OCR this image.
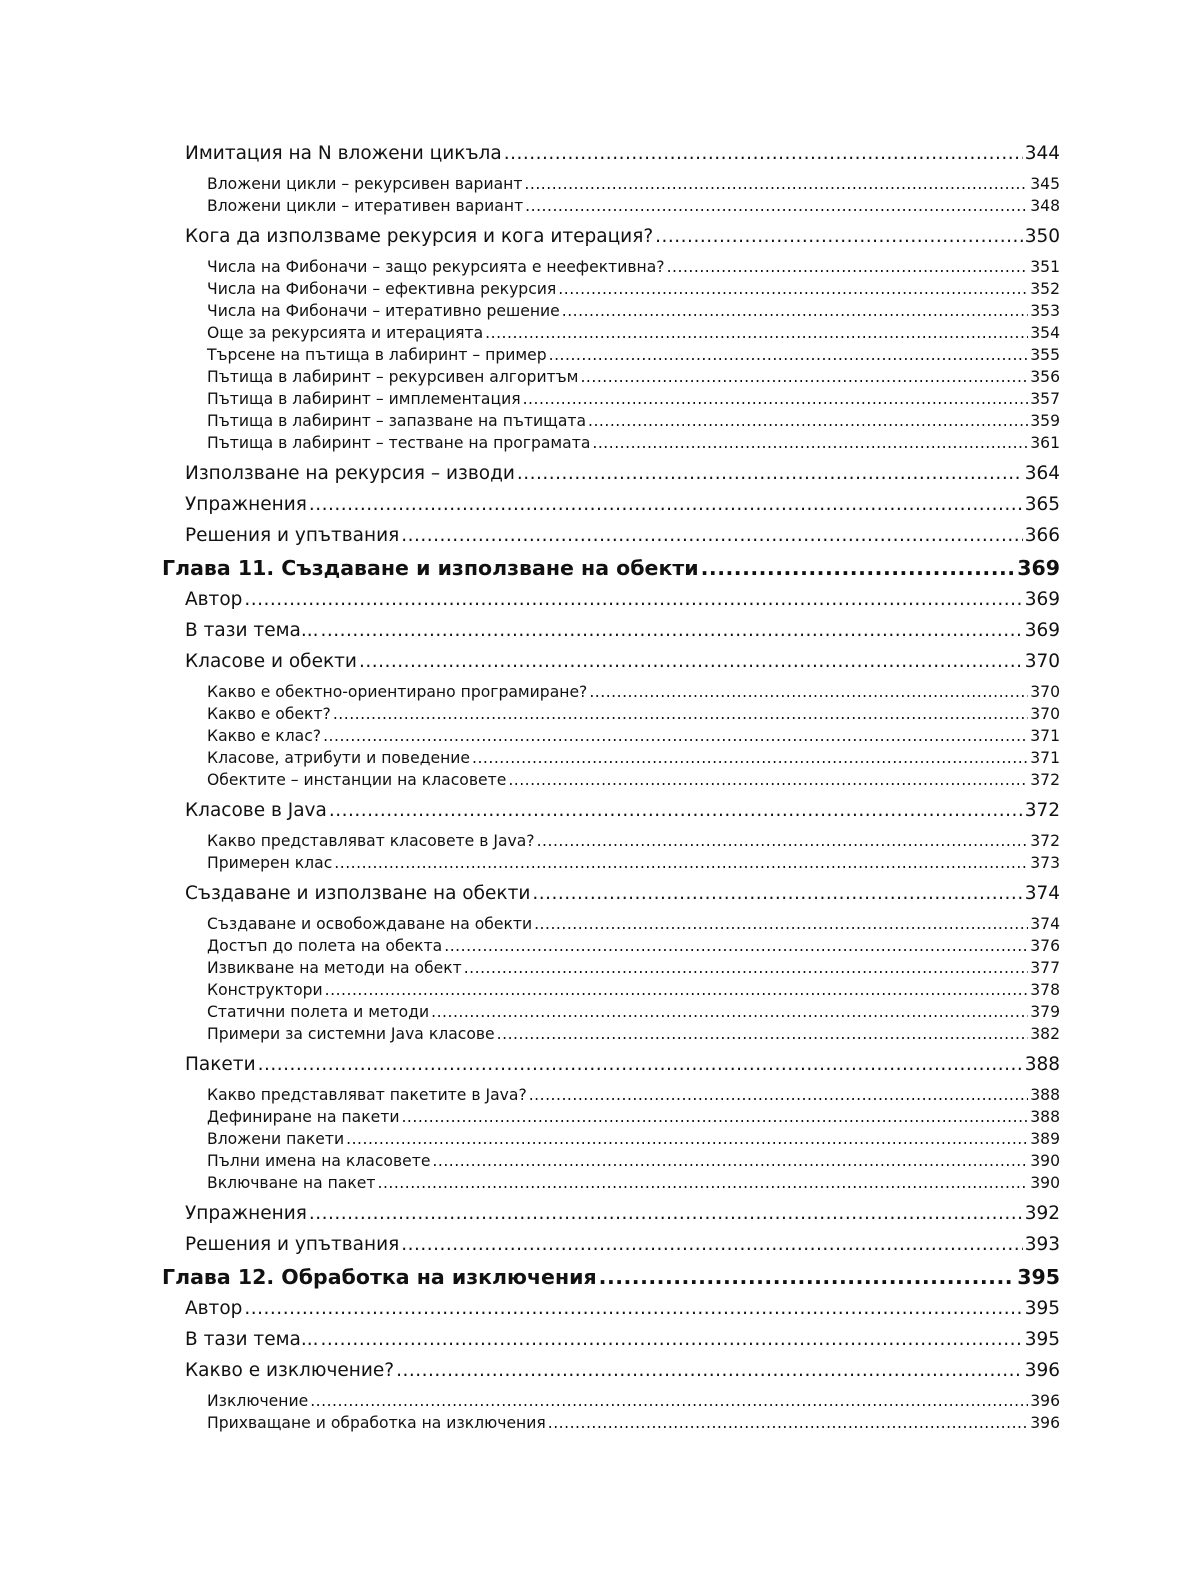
Имитация на N вложени цикъла .....	344
Вложени цикли – рекурсивен вариант .....	345
Вложени цикли – итеративен вариант .....	348
Кога да използваме рекурсия и кога итерация? .....	350
Числа на Фибоначи – защо рекурсията е неефективна? .....	351
Числа на Фибоначи – ефективна рекурсия .....	352
Числа на Фибоначи – итеративно решение .....	353
Още за рекурсията и итерацията .....	354
Търсене на пътища в лабиринт – пример .....	355
Пътища в лабиринт – рекурсивен алгоритъм .....	356
Пътища в лабиринт – имплементация .....	357
Пътища в лабиринт – запазване на пътищата .....	359
Пътища в лабиринт – тестване на програмата .....	361
Използване на рекурсия – изводи .....	364
Упражнения .....	365
Решения и упътвания .....	366
Глава 11. Създаване и използване на обекти .....	369
Автор .....	369
В тази тема... .....	369
Класове и обекти .....	370
Какво е обектно-ориентирано програмиране? .....	370
Какво е обект? .....	370
Какво е клас? .....	371
Класове, атрибути и поведение .....	371
Обектите – инстанции на класовете .....	372
Класове в Java .....	372
Какво представляват класовете в Java? .....	372
Примерен клас .....	373
Създаване и използване на обекти .....	374
Създаване и освобождаване на обекти .....	374
Достъп до полета на обекта .....	376
Извикване на методи на обект .....	377
Конструктори .....	378
Статични полета и методи .....	379
Примери за системни Java класове .....	382
Пакети .....	388
Какво представляват пакетите в Java? .....	388
Дефиниране на пакети .....	388
Вложени пакети .....	389
Пълни имена на класовете .....	390
Включване на пакет .....	390
Упражнения .....	392
Решения и упътвания .....	393
Глава 12. Обработка на изключения .....	395
Автор .....	395
В тази тема... .....	395
Какво е изключение? .....	396
Изключение .....	396
Прихващане и обработка на изключения .....	396
